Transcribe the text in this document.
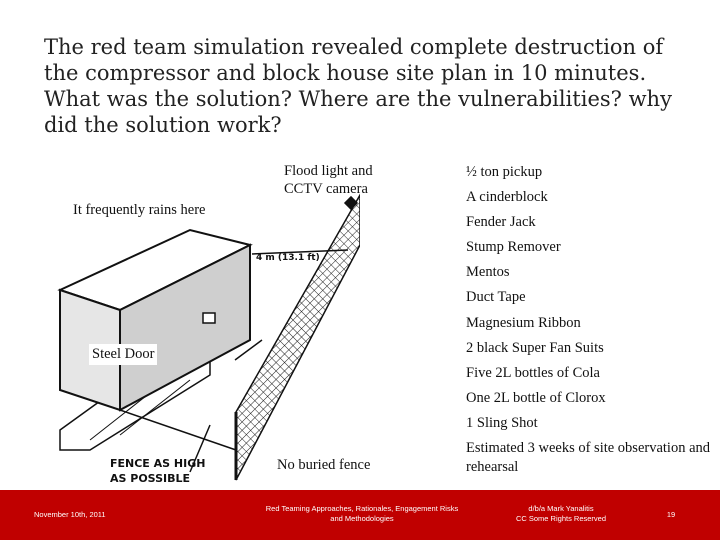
The red team simulation revealed complete destruction of the compressor and block house site plan in 10 minutes. What was the solution? Where are the vulnerabilities? why did the solution work?
4 m (13.1 ft)
FENCE AS HIGH
AS POSSIBLE
It frequently rains here
Flood light and CCTV camera
Steel Door
No buried fence
½ ton pickup
A cinderblock
Fender Jack
Stump Remover
Mentos
Duct Tape
Magnesium Ribbon
2 black Super Fan Suits
Five 2L bottles of Cola
One 2L bottle of Clorox
1 Sling Shot
Estimated 3 weeks of site observation and rehearsal
November 10th, 2011
Red Teaming Approaches, Rationales, Engagement Risks
and Methodologies
d/b/a Mark Yanalitis
CC Some Rights Reserved	19
